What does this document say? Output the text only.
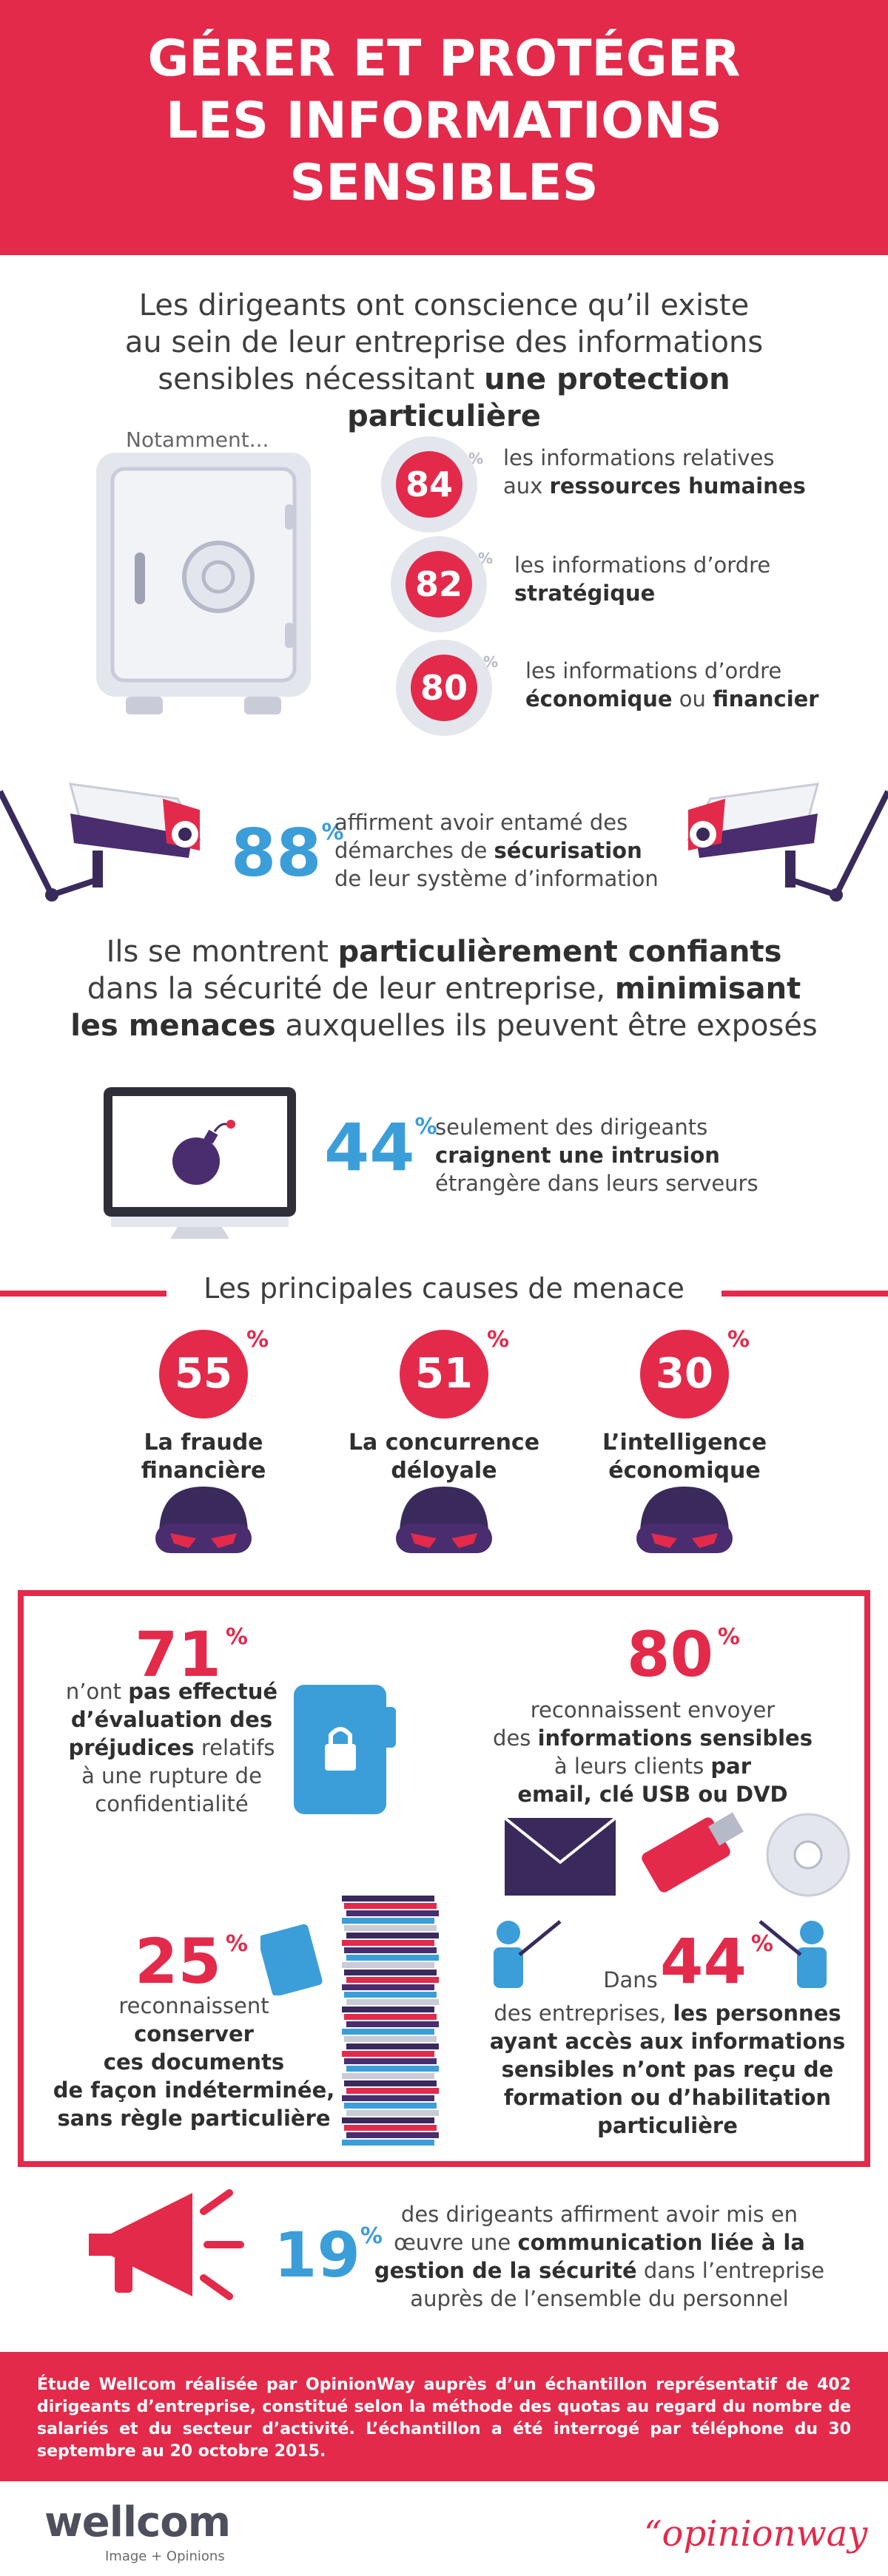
GÉRER ET PROTÉGER
LES INFORMATIONS
SENSIBLES
Les dirigeants ont conscience qu’il existe
au sein de leur entreprise des informations
sensibles nécessitant une protection particulière
Notamment...
84
% les informations relatives
aux ressources humaines
82
% les informations d’ordre
stratégique
80
% les informations d’ordre
économique ou financier
88%
affirment avoir entamé des
démarches de sécurisation
de leur système d’information
Ils se montrent particulièrement confiants
dans la sécurité de leur entreprise, minimisant
les menaces auxquelles ils peuvent être exposés
44%
seulement des dirigeants
craignent une intrusion
étrangère dans leurs serveurs
Les principales causes de menace
55
%
La fraude
financière
51
%
La concurrence
déloyale
30
%
L’intelligence
économique
71 %
n’ont pas effectué
d’évaluation des
préjudices relatifs
à une rupture de
confidentialité
80 %
reconnaissent envoyer
des informations sensibles
à leurs clients par
email, clé USB ou DVD
25 %
reconnaissent
conserver
ces documents
de façon indéterminée,
sans règle particulière
Dans 44 %
des entreprises, les personnes
ayant accès aux informations
sensibles n’ont pas reçu de
formation ou d’habilitation
particulière
19%
des dirigeants affirment avoir mis en
œuvre une communication liée à la
gestion de la sécurité dans l’entreprise
auprès de l’ensemble du personnel

Étude Wellcom réalisée par OpinionWay auprès d’un échantillon représentatif de 402 dirigeants d’entreprise, constitué selon la méthode des quotas au regard du nombre de salariés et du secteur d’activité. L’échantillon a été interrogé par téléphone du 30 septembre au 20 octobre 2015.

wellcom
Image + Opinions
“opinionway
